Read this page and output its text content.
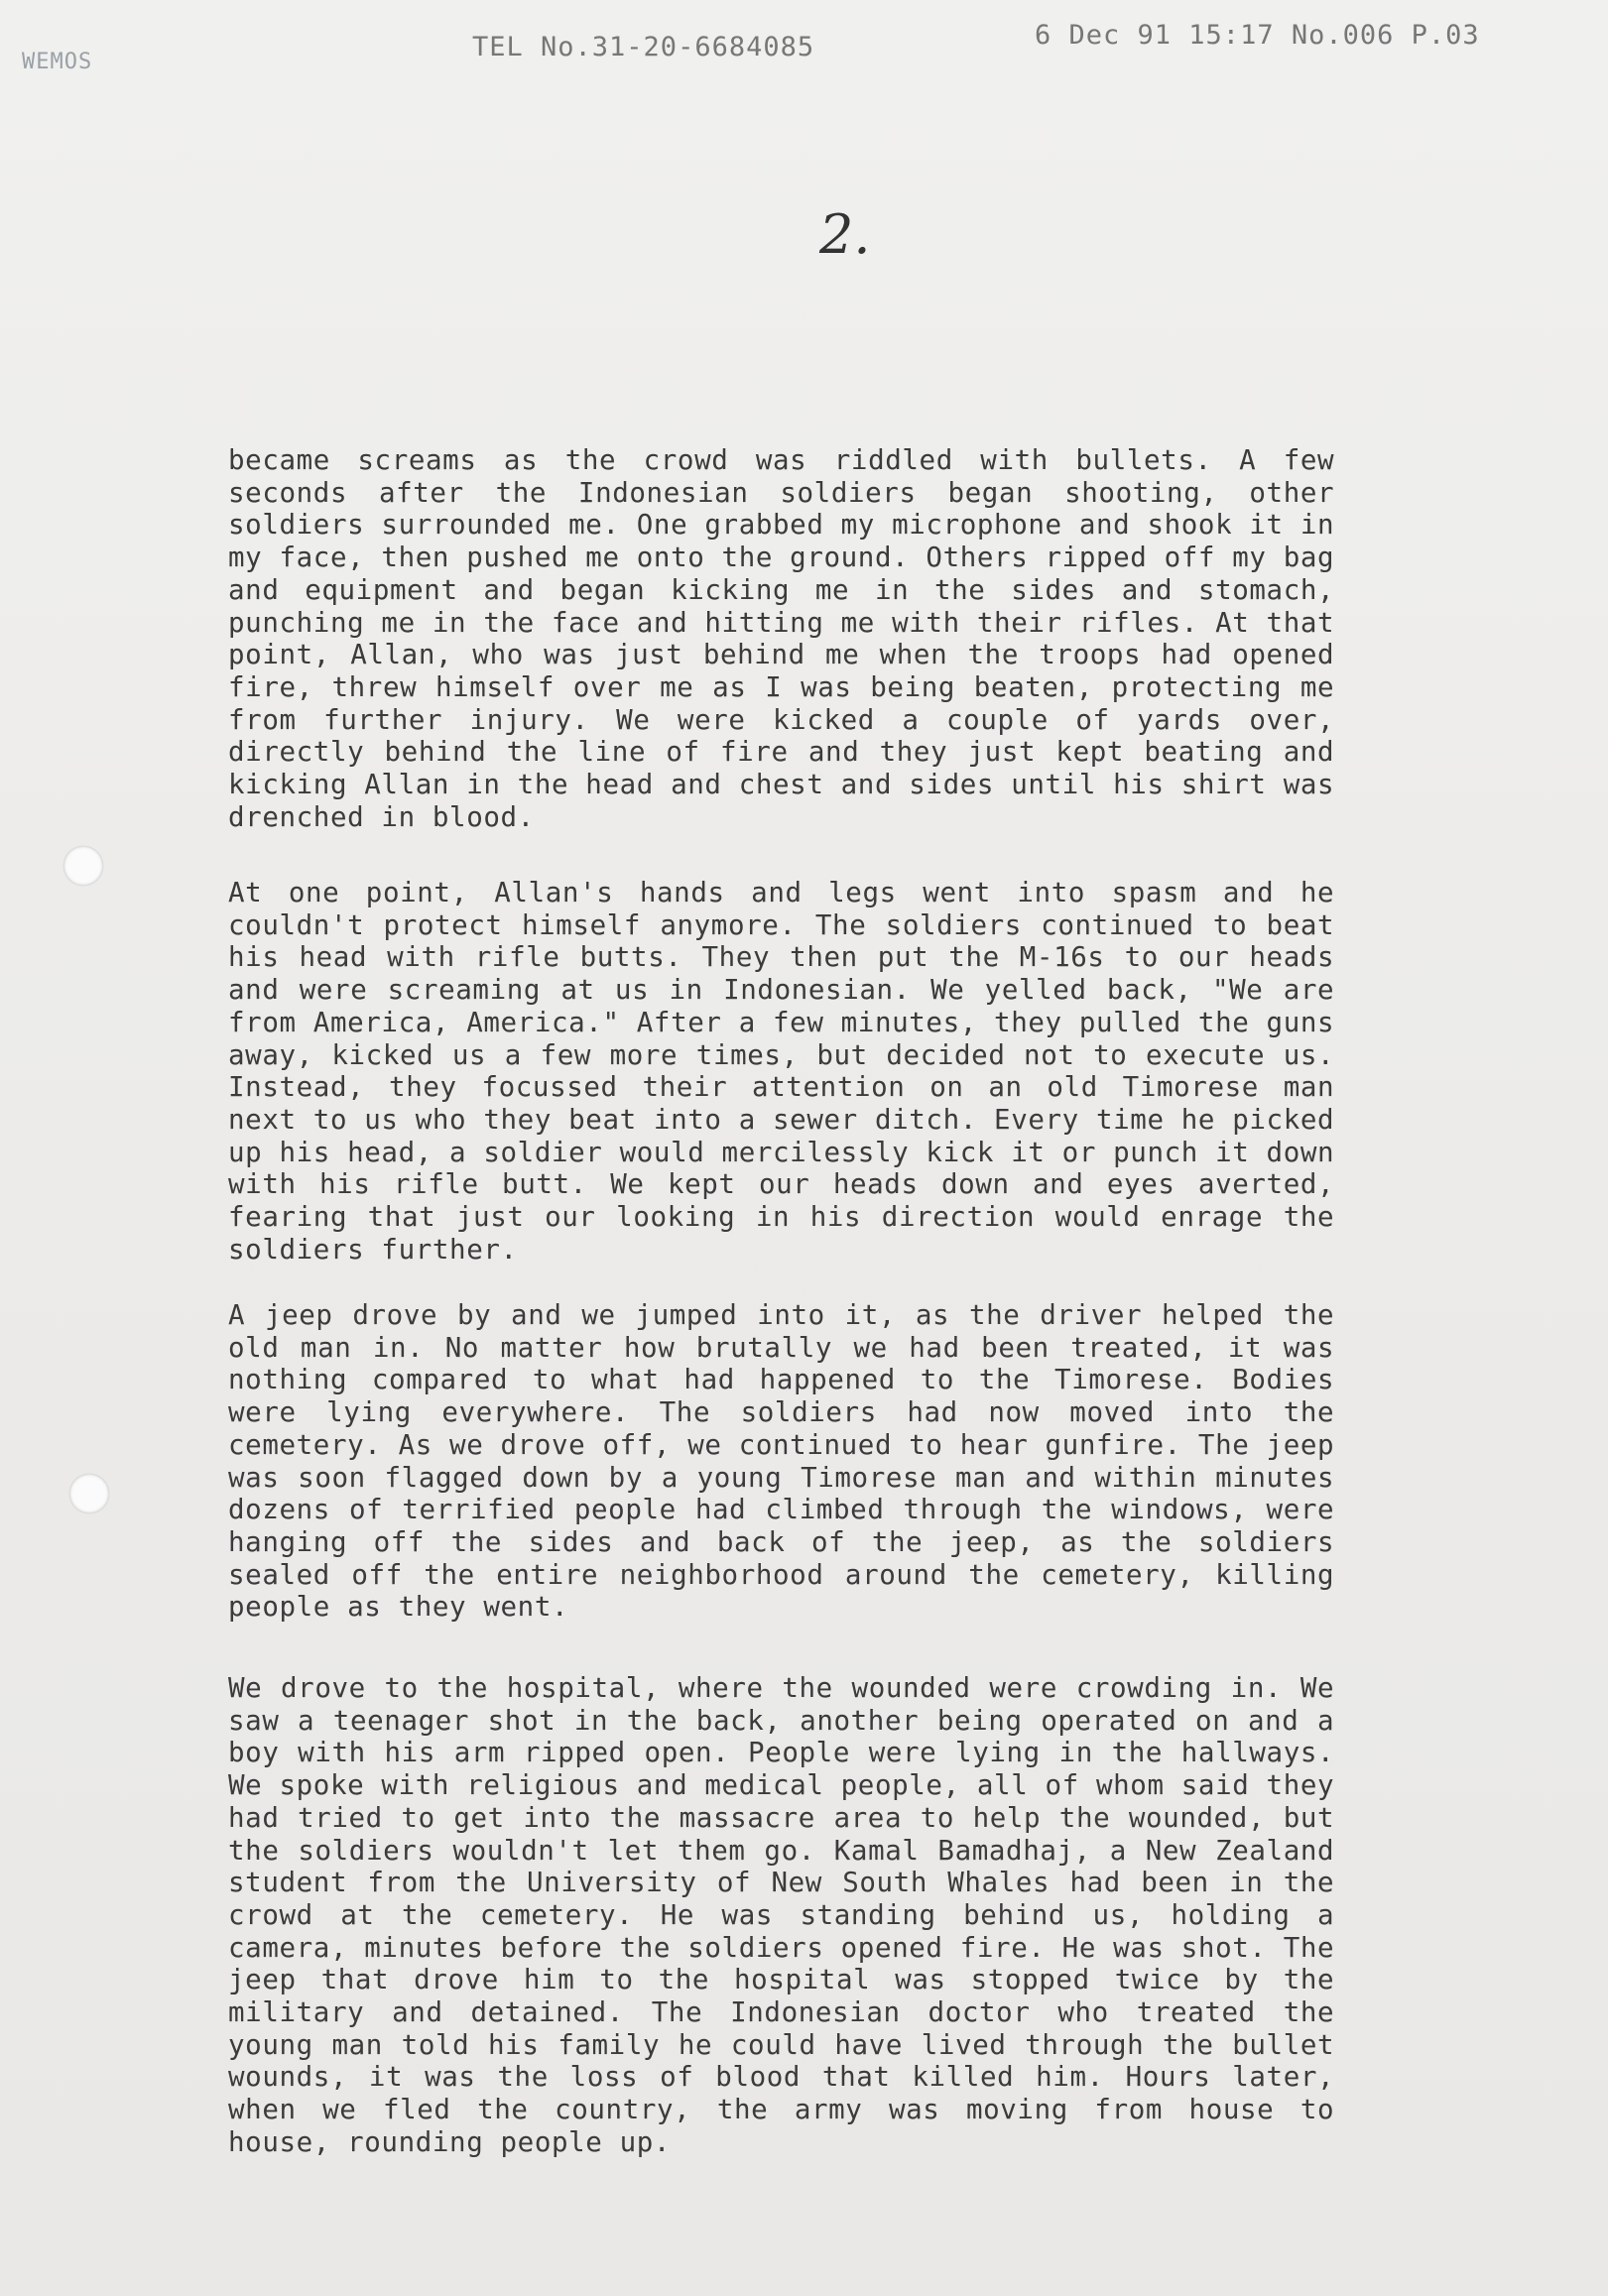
WEMOS	TEL No.31-20-6684085	6 Dec 91 15:17 No.006 P.03
2.
became screams as the crowd was riddled with bullets. A few
seconds after the Indonesian soldiers began shooting, other
soldiers surrounded me. One grabbed my microphone and shook it in
my face, then pushed me onto the ground. Others ripped off my bag
and equipment and began kicking me in the sides and stomach,
punching me in the face and hitting me with their rifles. At that
point, Allan, who was just behind me when the troops had opened
fire, threw himself over me as I was being beaten, protecting me
from further injury. We were kicked a couple of yards over,
directly behind the line of fire and they just kept beating and
kicking Allan in the head and chest and sides until his shirt was
drenched in blood.
At one point, Allan's hands and legs went into spasm and he
couldn't protect himself anymore. The soldiers continued to beat
his head with rifle butts. They then put the M-16s to our heads
and were screaming at us in Indonesian. We yelled back, "We are
from America, America." After a few minutes, they pulled the guns
away, kicked us a few more times, but decided not to execute us.
Instead, they focussed their attention on an old Timorese man
next to us who they beat into a sewer ditch. Every time he picked
up his head, a soldier would mercilessly kick it or punch it down
with his rifle butt. We kept our heads down and eyes averted,
fearing that just our looking in his direction would enrage the
soldiers further.
A jeep drove by and we jumped into it, as the driver helped the
old man in. No matter how brutally we had been treated, it was
nothing compared to what had happened to the Timorese. Bodies
were lying everywhere. The soldiers had now moved into the
cemetery. As we drove off, we continued to hear gunfire. The jeep
was soon flagged down by a young Timorese man and within minutes
dozens of terrified people had climbed through the windows, were
hanging off the sides and back of the jeep, as the soldiers
sealed off the entire neighborhood around the cemetery, killing
people as they went.
We drove to the hospital, where the wounded were crowding in. We
saw a teenager shot in the back, another being operated on and a
boy with his arm ripped open. People were lying in the hallways.
We spoke with religious and medical people, all of whom said they
had tried to get into the massacre area to help the wounded, but
the soldiers wouldn't let them go. Kamal Bamadhaj, a New Zealand
student from the University of New South Whales had been in the
crowd at the cemetery. He was standing behind us, holding a
camera, minutes before the soldiers opened fire. He was shot. The
jeep that drove him to the hospital was stopped twice by the
military and detained. The Indonesian doctor who treated the
young man told his family he could have lived through the bullet
wounds, it was the loss of blood that killed him. Hours later,
when we fled the country, the army was moving from house to
house, rounding people up.
